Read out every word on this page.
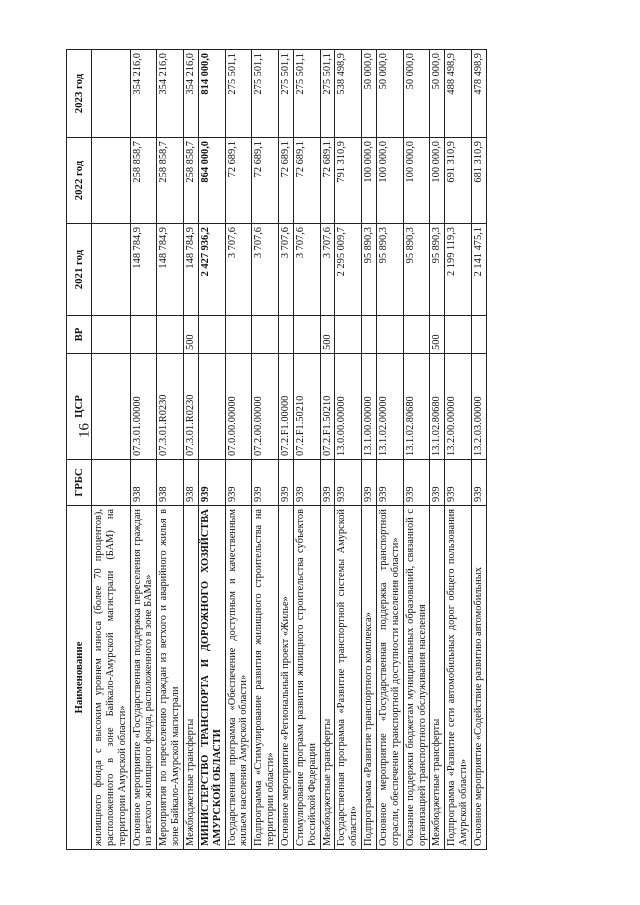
16
Наименование	ГРБС	ЦСР	ВР	2021 год	2022 год	2023 год
жилищного фонда с высоким уровнем износа (более 70 процентов), расположенного в зоне Байкало-Амурской магистрали (БАМ) на территории Амурской области»						
Основное мероприятие «Государственная поддержка переселения граждан из ветхого жилищного фонда, расположенного в зоне БАМа»	938	07.3.01.00000		148 784,9	258 858,7	354 216,0
Мероприятия по переселению граждан из ветхого и аварийного жилья в зоне Байкало-Амурской магистрали	938	07.3.01.R0230		148 784,9	258 858,7	354 216,0
Межбюджетные трансферты	938	07.3.01.R0230	500	148 784,9	258 858,7	354 216,0
МИНИСТЕРСТВО ТРАНСПОРТА И ДОРОЖНОГО ХОЗЯЙСТВА АМУРСКОЙ ОБЛАСТИ	939			2 427 936,2	864 000,0	814 000,0
Государственная программа «Обеспечение доступным и качественным жильем населения Амурской области»	939	07.0.00.00000		3 707,6	72 689,1	275 501,1
Подпрограмма «Стимулирование развития жилищного строительства на территории области»	939	07.2.00.00000		3 707,6	72 689,1	275 501,1
Основное мероприятие «Региональный проект «Жилье»	939	07.2.F1.00000		3 707,6	72 689,1	275 501,1
Стимулирование программ развития жилищного строительства субъектов Российской Федерации	939	07.2.F1.50210		3 707,6	72 689,1	275 501,1
Межбюджетные трансферты	939	07.2.F1.50210	500	3 707,6	72 689,1	275 501,1
Государственная программа «Развитие транспортной системы Амурской области»	939	13.0.00.00000		2 295 009,7	791 310,9	538 498,9
Подпрограмма «Развитие транспортного комплекса»	939	13.1.00.00000		95 890,3	100 000,0	50 000,0
Основное мероприятие «Государственная поддержка транспортной отрасли, обеспечение транспортной доступности населения области»	939	13.1.02.00000		95 890,3	100 000,0	50 000,0
Оказание поддержки бюджетам муниципальных образований, связанной с организацией транспортного обслуживания населения	939	13.1.02.80680		95 890,3	100 000,0	50 000,0
Межбюджетные трансферты	939	13.1.02.80680	500	95 890,3	100 000,0	50 000,0
Подпрограмма «Развитие сети автомобильных дорог общего пользования Амурской области»	939	13.2.00.00000		2 199 119,3	691 310,9	488 498,9
Основное мероприятие «Содействие развитию автомобильных	939	13.2.03.00000		2 141 475,1	681 310,9	478 498,9
